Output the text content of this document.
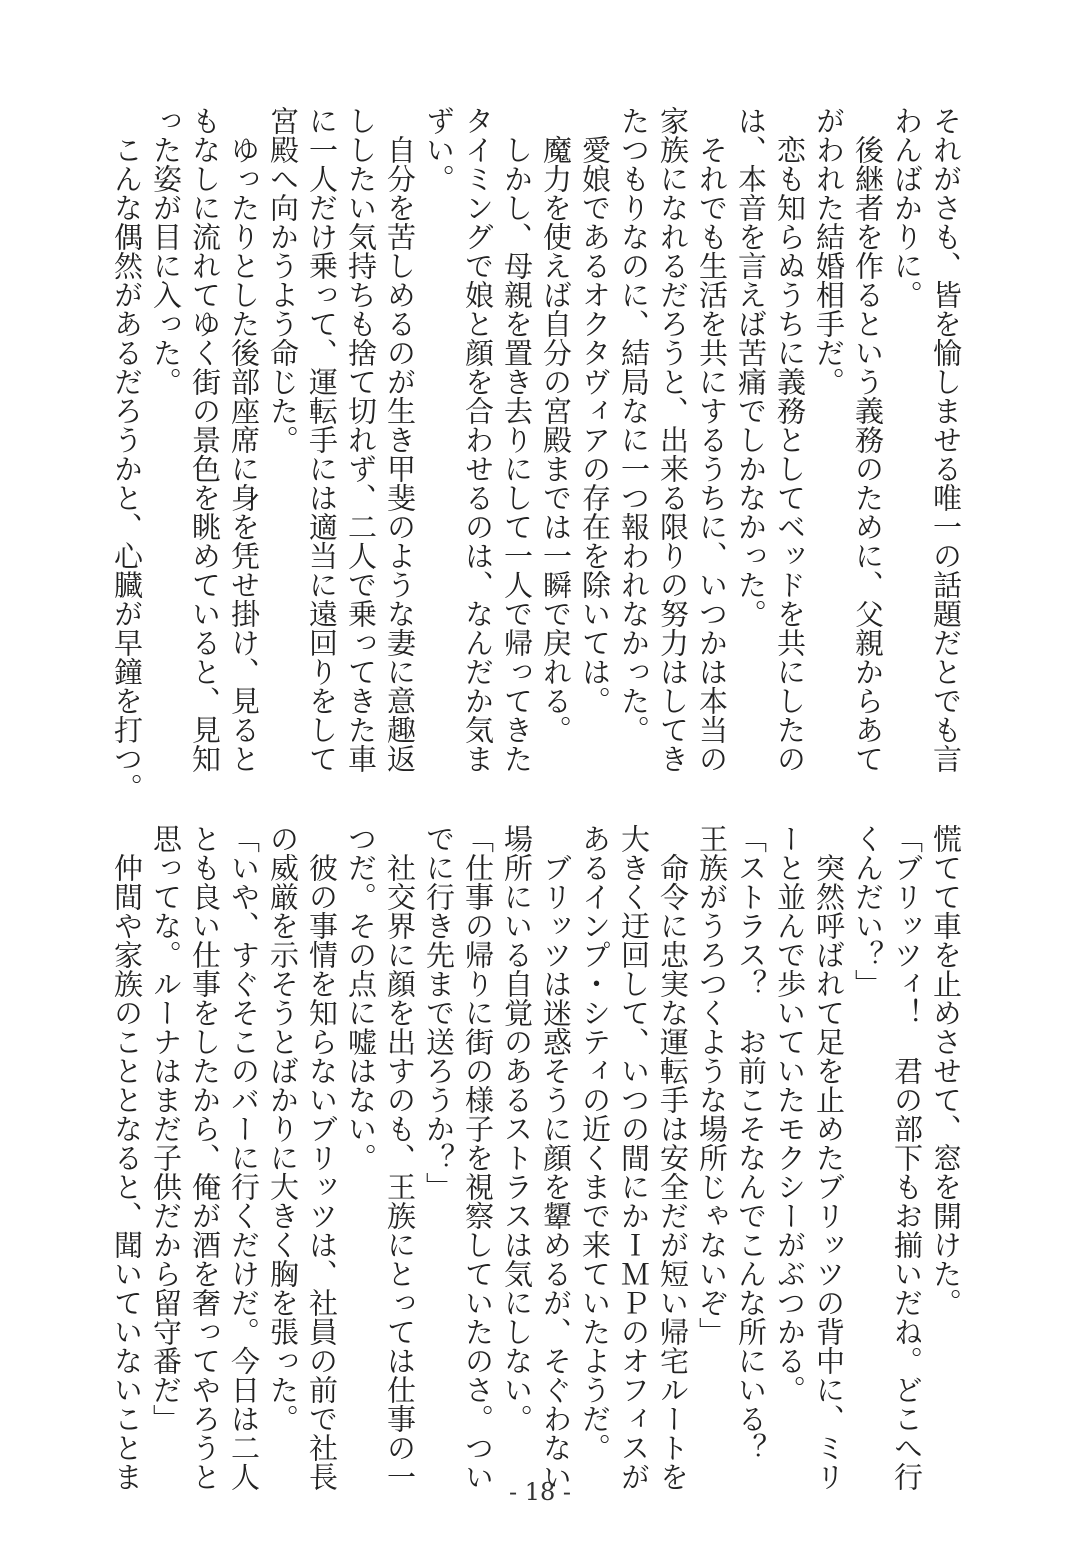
それがさも、皆を愉しませる唯一の話題だとでも言

わんばかりに。

　後継者を作るという義務のために、父親からあて

がわれた結婚相手だ。

　恋も知らぬうちに義務としてベッドを共にしたの

は、本音を言えば苦痛でしかなかった。

　それでも生活を共にするうちに、いつかは本当の

家族になれるだろうと、出来る限りの努力はしてき

たつもりなのに、結局なに一つ報われなかった。

　愛娘であるオクタヴィアの存在を除いては。

　魔力を使えば自分の宮殿までは一瞬で戻れる。

　しかし、母親を置き去りにして一人で帰ってきた

タイミングで娘と顔を合わせるのは、なんだか気ま

ずい。

　自分を苦しめるのが生き甲斐のような妻に意趣返

ししたい気持ちも捨て切れず、二人で乗ってきた車

に一人だけ乗って、運転手には適当に遠回りをして

宮殿へ向かうよう命じた。

　ゆったりとした後部座席に身を凭せ掛け、見ると

もなしに流れてゆく街の景色を眺めていると、見知

った姿が目に入った。

　こんな偶然があるだろうかと、心臓が早鐘を打つ。

慌てて車を止めさせて、窓を開けた。

「ブリッツィ！　君の部下もお揃いだね。どこへ行

くんだい？」

　突然呼ばれて足を止めたブリッツの背中に、ミリ

ーと並んで歩いていたモクシーがぶつかる。

「ストラス？　お前こそなんでこんな所にいる？

王族がうろつくような場所じゃないぞ」

　命令に忠実な運転手は安全だが短い帰宅ルートを

大きく迂回して、いつの間にかＩＭＰのオフィスが

あるインプ・シティの近くまで来ていたようだ。

　ブリッツは迷惑そうに顔を顰めるが、そぐわない

場所にいる自覚のあるストラスは気にしない。

「仕事の帰りに街の様子を視察していたのさ。つい

でに行き先まで送ろうか？」

　社交界に顔を出すのも、王族にとっては仕事の一

つだ。その点に嘘はない。

　彼の事情を知らないブリッツは、社員の前で社長

の威厳を示そうとばかりに大きく胸を張った。

「いや、すぐそこのバーに行くだけだ。今日は二人

とも良い仕事をしたから、俺が酒を奢ってやろうと

思ってな。ルーナはまだ子供だから留守番だ」

　仲間や家族のこととなると、聞いていないことま

- 18 -
